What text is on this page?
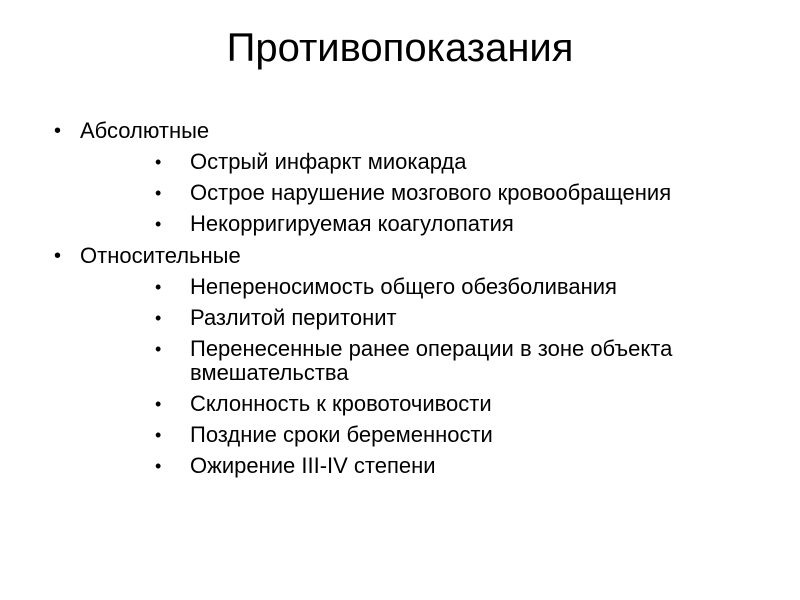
Противопоказания
• Абсолютные
• Острый инфаркт миокарда
• Острое нарушение мозгового кровообращения
• Некорригируемая коагулопатия
• Относительные
• Непереносимость общего обезболивания
• Разлитой перитонит
• Перенесенные ранее операции в зоне объекта вмешательства
• Склонность к кровоточивости
• Поздние сроки беременности
• Ожирение III-IV степени
